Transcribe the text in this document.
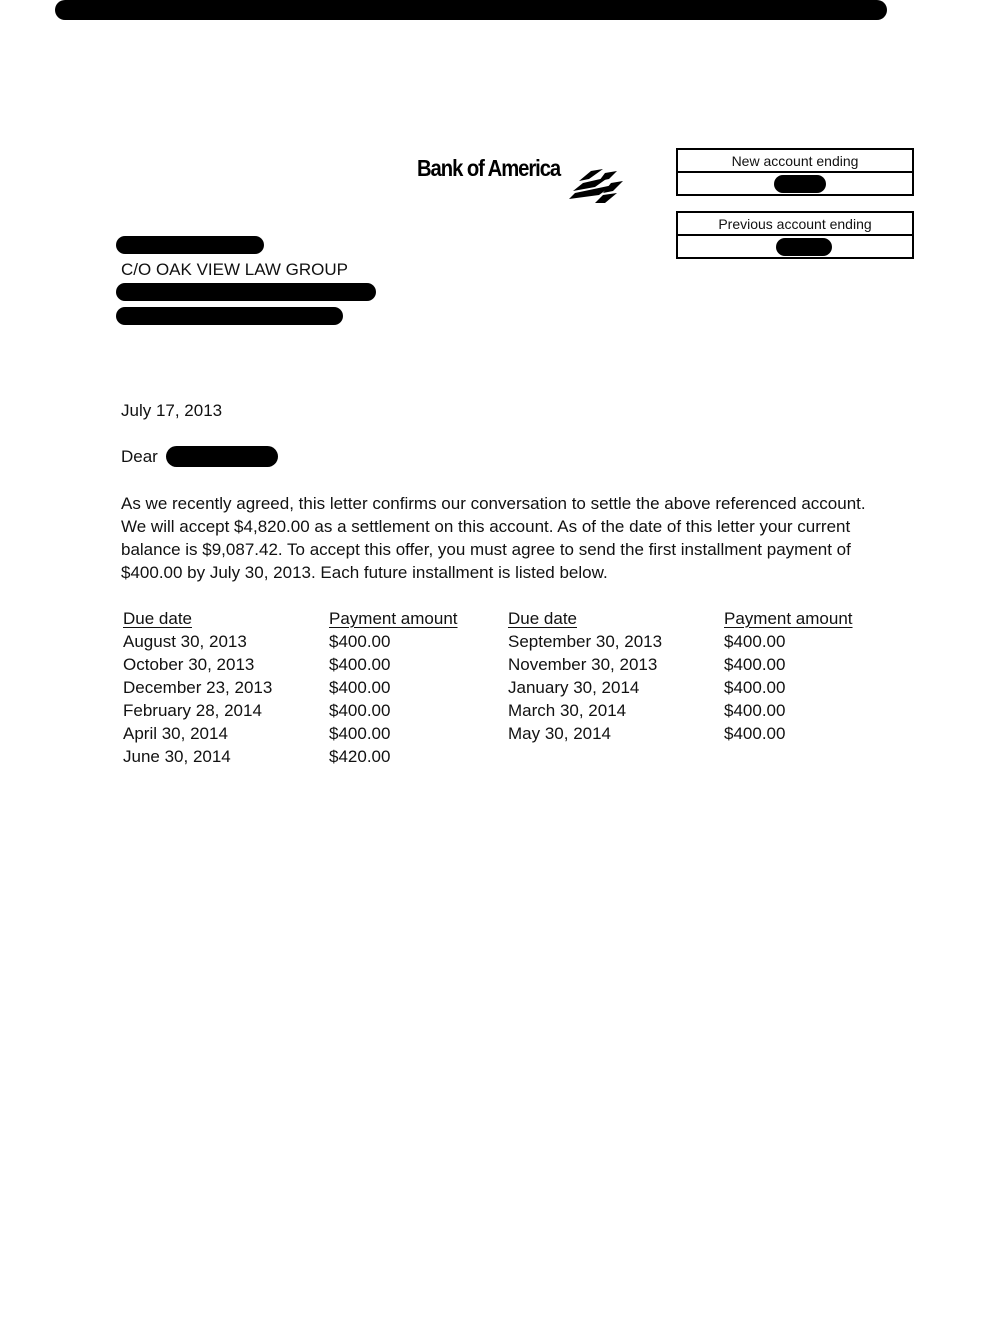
Bank of America	New account ending
Previous account ending
C/O OAK VIEW LAW GROUP
July 17, 2013
Dear
As we recently agreed, this letter confirms our conversation to settle the above referenced account. We will accept $4,820.00 as a settlement on this account. As of the date of this letter your current balance is $9,087.42. To accept this offer, you must agree to send the first installment payment of $400.00 by July 30, 2013. Each future installment is listed below.
Due date	Payment amount	Due date	Payment amount
August 30, 2013	$400.00	September 30, 2013	$400.00
October 30, 2013	$400.00	November 30, 2013	$400.00
December 23, 2013	$400.00	January 30, 2014	$400.00
February 28, 2014	$400.00	March 30, 2014	$400.00
April 30, 2014	$400.00	May 30, 2014	$400.00
June 30, 2014	$420.00
